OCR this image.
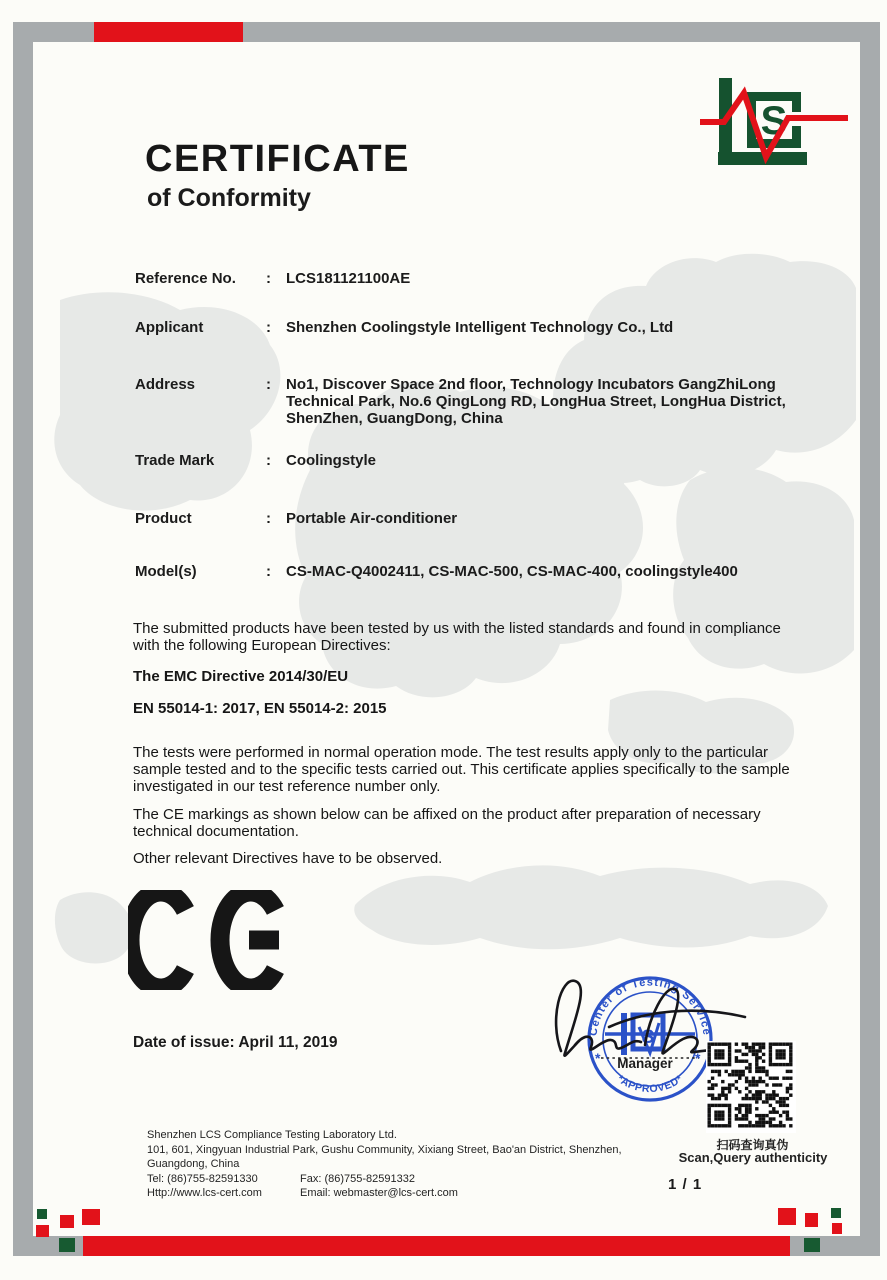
S
CERTIFICATE
of Conformity
Reference No.	:	LCS181121100AE
Applicant	:	Shenzhen Coolingstyle Intelligent Technology Co., Ltd
Address	:	No1, Discover Space 2nd floor, Technology Incubators GangZhiLong
Technical Park, No.6 QingLong RD, LongHua Street, LongHua District,
ShenZhen, GuangDong, China
Trade Mark	:	Coolingstyle
Product	:	Portable Air-conditioner
Model(s)	:	CS-MAC-Q4002411, CS-MAC-500, CS-MAC-400, coolingstyle400

The submitted products have been tested by us with the listed standards and found in compliance with the following European Directives:

The EMC Directive 2014/30/EU

EN 55014-1: 2017, EN 55014-2: 2015

The tests were performed in normal operation mode. The test results apply only to the particular sample tested and to the specific tests carried out. This certificate applies specifically to the sample investigated in our test reference number only.

The CE markings as shown below can be affixed on the product after preparation of necessary technical documentation.

Other relevant Directives have to be observed.

Date of issue: April 11, 2019
Center of Testing Service
*APPROVED*
S
*	*
Manager
扫码查询真伪
Scan,Query authenticity
Shenzhen LCS Compliance Testing Laboratory Ltd.
101, 601, Xingyuan Industrial Park, Gushu Community, Xixiang Street, Bao'an District, Shenzhen,
Guangdong, China
Tel: (86)755-82591330	Fax: (86)755-82591332
Http://www.lcs-cert.com	Email: webmaster@lcs-cert.com	1 / 1
